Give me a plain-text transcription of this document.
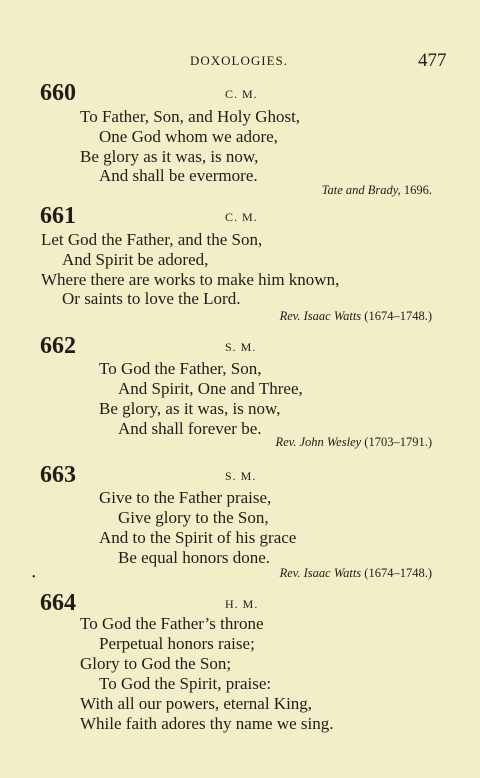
DOXOLOGIES.	477
660	C. M.
To Father, Son, and Holy Ghost,
One God whom we adore,
Be glory as it was, is now,
And shall be evermore.
Tate and Brady, 1696.
661	C. M.
Let God the Father, and the Son,
And Spirit be adored,
Where there are works to make him known,
Or saints to love the Lord.
Rev. Isaac Watts (1674–1748.)
662	S. M.
To God the Father, Son,
And Spirit, One and Three,
Be glory, as it was, is now,
And shall forever be.
Rev. John Wesley (1703–1791.)
663	S. M.
Give to the Father praise,
Give glory to the Son,
And to the Spirit of his grace
Be equal honors done.
Rev. Isaac Watts (1674–1748.)
•
664	H. M.
To God the Father’s throne
Perpetual honors raise;
Glory to God the Son;
To God the Spirit, praise:
With all our powers, eternal King,
While faith adores thy name we sing.
